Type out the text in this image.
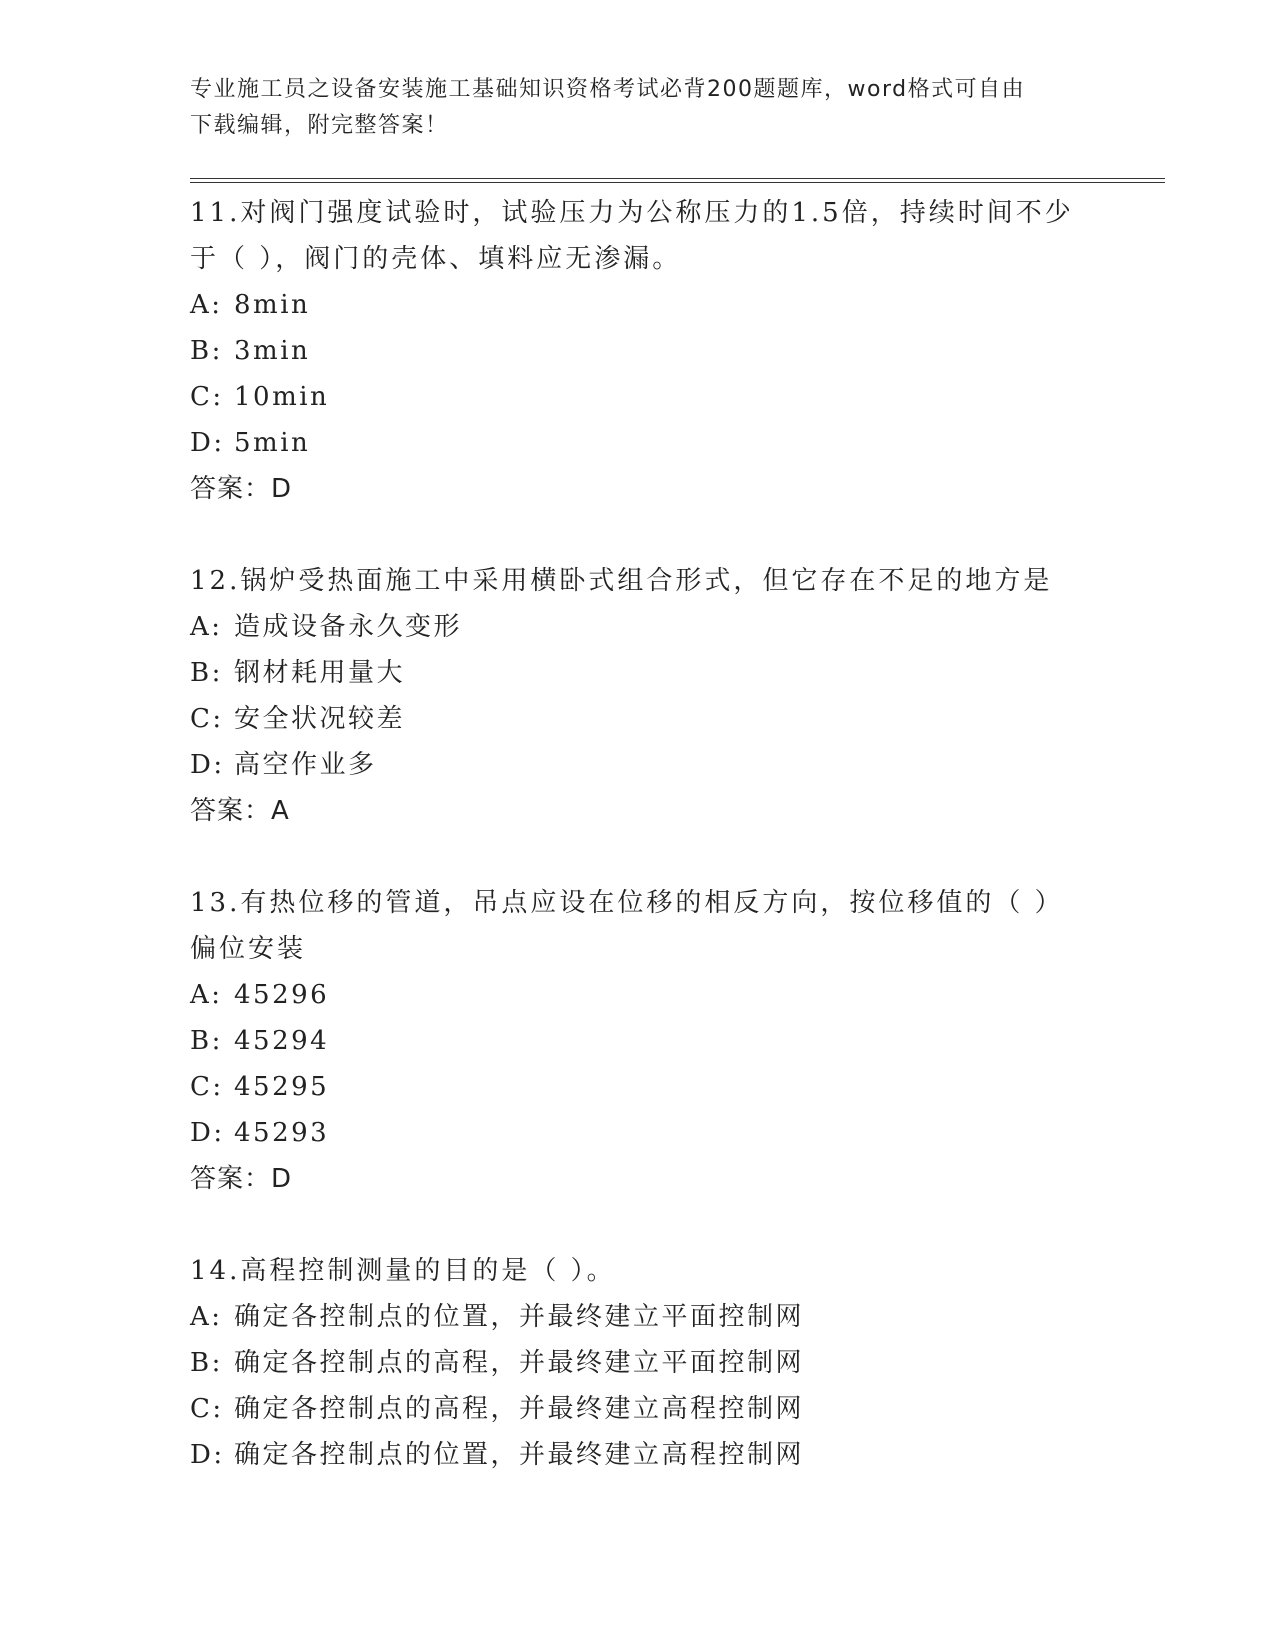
专业施工员之设备安装施工基础知识资格考试必背200题题库，word格式可自由
下载编辑，附完整答案！
11.对阀门强度试验时，试验压力为公称压力的1.5倍，持续时间不少
于（ ），阀门的壳体、填料应无渗漏。
A: 8min
B: 3min
C: 10min
D: 5min
答案：D
12.锅炉受热面施工中采用横卧式组合形式，但它存在不足的地方是
A: 造成设备永久变形
B: 钢材耗用量大
C: 安全状况较差
D: 高空作业多
答案：A
13.有热位移的管道，吊点应设在位移的相反方向，按位移值的（ ）
偏位安装
A: 45296
B: 45294
C: 45295
D: 45293
答案：D
14.高程控制测量的目的是（ ）。
A: 确定各控制点的位置，并最终建立平面控制网
B: 确定各控制点的高程，并最终建立平面控制网
C: 确定各控制点的高程，并最终建立高程控制网
D: 确定各控制点的位置，并最终建立高程控制网
